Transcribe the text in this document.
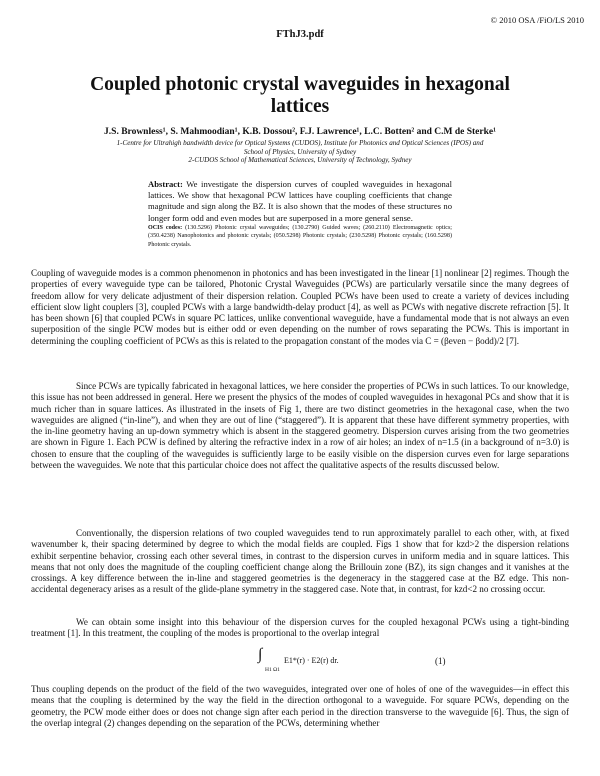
© 2010 OSA /FiO/LS 2010
FThJ3.pdf
Coupled photonic crystal waveguides in hexagonal lattices
J.S. Brownless¹, S. Mahmoodian¹, K.B. Dossou², F.J. Lawrence¹, L.C. Botten² and C.M de Sterke¹
1-Centre for Ultrahigh bandwidth device for Optical Systems (CUDOS), Institute for Photonics and Optical Sciences (IPOS) and
School of Physics, University of Sydney
2-CUDOS School of Mathematical Sciences, University of Technology, Sydney
Abstract: We investigate the dispersion curves of coupled waveguides in hexagonal lattices. We show that hexagonal PCW lattices have coupling coefficients that change magnitude and sign along the BZ. It is also shown that the modes of these structures no longer form odd and even modes but are superposed in a more general sense.
OCIS codes: (130.5296) Photonic crystal waveguides; (130.2790) Guided waves; (260.2110) Electromagnetic optics; (350.4238) Nanophotonics and photonic crystals; (050.5298) Photonic crystals; (230.5298) Photonic crystals; (160.5298) Photonic crystals.
Coupling of waveguide modes is a common phenomenon in photonics and has been investigated in the linear [1] nonlinear [2] regimes. Though the properties of every waveguide type can be tailored, Photonic Crystal Waveguides (PCWs) are particularly versatile since the many degrees of freedom allow for very delicate adjustment of their dispersion relation. Coupled PCWs have been used to create a variety of devices including efficient slow light couplers [3], coupled PCWs with a large bandwidth-delay product [4], as well as PCWs with negative discrete refraction [5]. It has been shown [6] that coupled PCWs in square PC lattices, unlike conventional waveguide, have a fundamental mode that is not always an even superposition of the single PCW modes but is either odd or even depending on the number of rows separating the PCWs. This is important in determining the coupling coefficient of PCWs as this is related to the propagation constant of the modes via C = (βeven − βodd)/2 [7].
Since PCWs are typically fabricated in hexagonal lattices, we here consider the properties of PCWs in such lattices. To our knowledge, this issue has not been addressed in general. Here we present the physics of the modes of coupled waveguides in hexagonal PCs and show that it is much richer than in square lattices. As illustrated in the insets of Fig 1, there are two distinct geometries in the hexagonal case, when the two waveguides are aligned (“in-line”), and when they are out of line (“staggered”). It is apparent that these have different symmetry properties, with the in-line geometry having an up-down symmetry which is absent in the staggered geometry. Dispersion curves arising from the two geometries are shown in Figure 1. Each PCW is defined by altering the refractive index in a row of air holes; an index of n=1.5 (in a background of n=3.0) is chosen to ensure that the coupling of the waveguides is sufficiently large to be easily visible on the dispersion curves even for large separations between the waveguides. We note that this particular choice does not affect the qualitative aspects of the results discussed below.
Conventionally, the dispersion relations of two coupled waveguides tend to run approximately parallel to each other, with, at fixed wavenumber k, their spacing determined by degree to which the modal fields are coupled. Figs 1 show that for kzd>2 the dispersion relations exhibit serpentine behavior, crossing each other several times, in contrast to the dispersion curves in uniform media and in square lattices. This means that not only does the magnitude of the coupling coefficient change along the Brillouin zone (BZ), its sign changes and it vanishes at the crossings. A key difference between the in-line and staggered geometries is the degeneracy in the staggered case at the BZ edge. This non-accidental degeneracy arises as a result of the glide-plane symmetry in the staggered case. Note that, in contrast, for kzd<2 no crossing occur.
We can obtain some insight into this behaviour of the dispersion curves for the coupled hexagonal PCWs using a tight-binding treatment [1]. In this treatment, the coupling of the modes is proportional to the overlap integral
∫
H1 Ω1
E1*(r) · E2(r) dr.	(1)
Thus coupling depends on the product of the field of the two waveguides, integrated over one of holes of one of the waveguides—in effect this means that the coupling is determined by the way the field in the direction orthogonal to a waveguide. For square PCWs, depending on the geometry, the PCW mode either does or does not change sign after each period in the direction transverse to the waveguide [6]. Thus, the sign of the overlap integral (2) changes depending on the separation of the PCWs, determining whether
